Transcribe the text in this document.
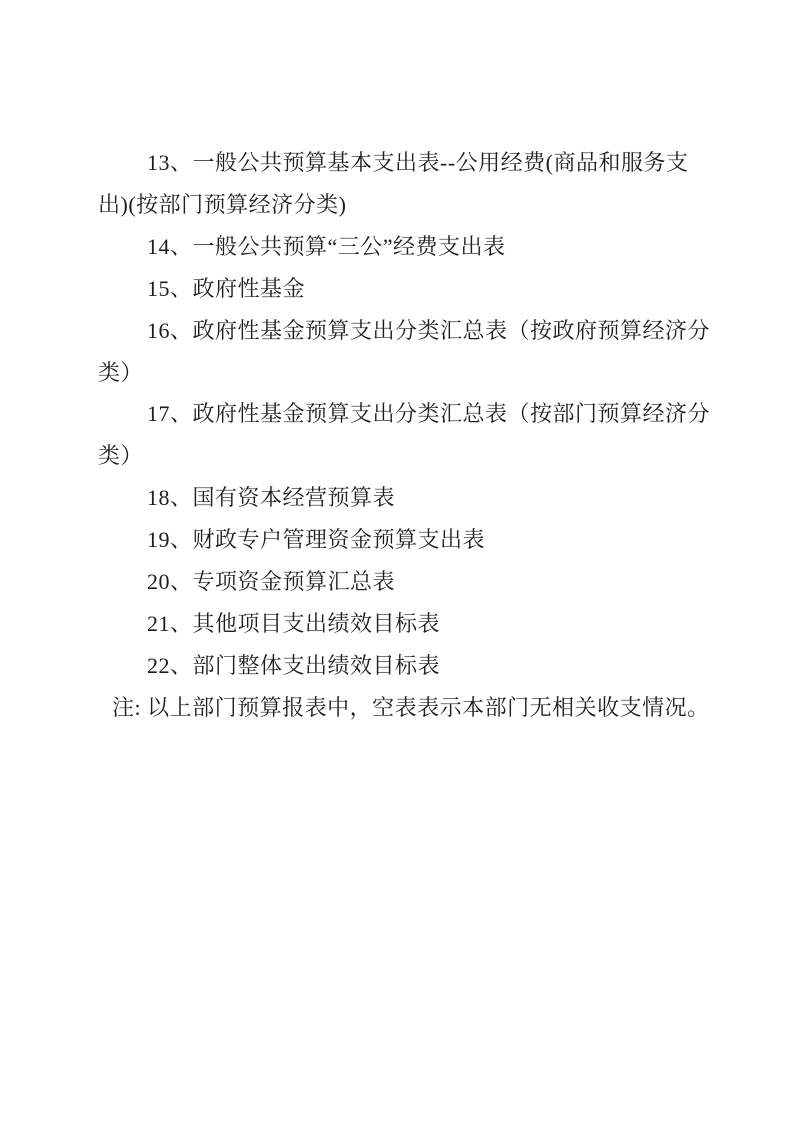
13、一般公共预算基本支出表--公用经费(商品和服务支

出)(按部门预算经济分类)

14、一般公共预算“三公”经费支出表

15、政府性基金

16、政府性基金预算支出分类汇总表（按政府预算经济分

类）

17、政府性基金预算支出分类汇总表（按部门预算经济分

类）

18、国有资本经营预算表

19、财政专户管理资金预算支出表

20、专项资金预算汇总表

21、其他项目支出绩效目标表

22、部门整体支出绩效目标表

注: 以上部门预算报表中，空表表示本部门无相关收支情况。
